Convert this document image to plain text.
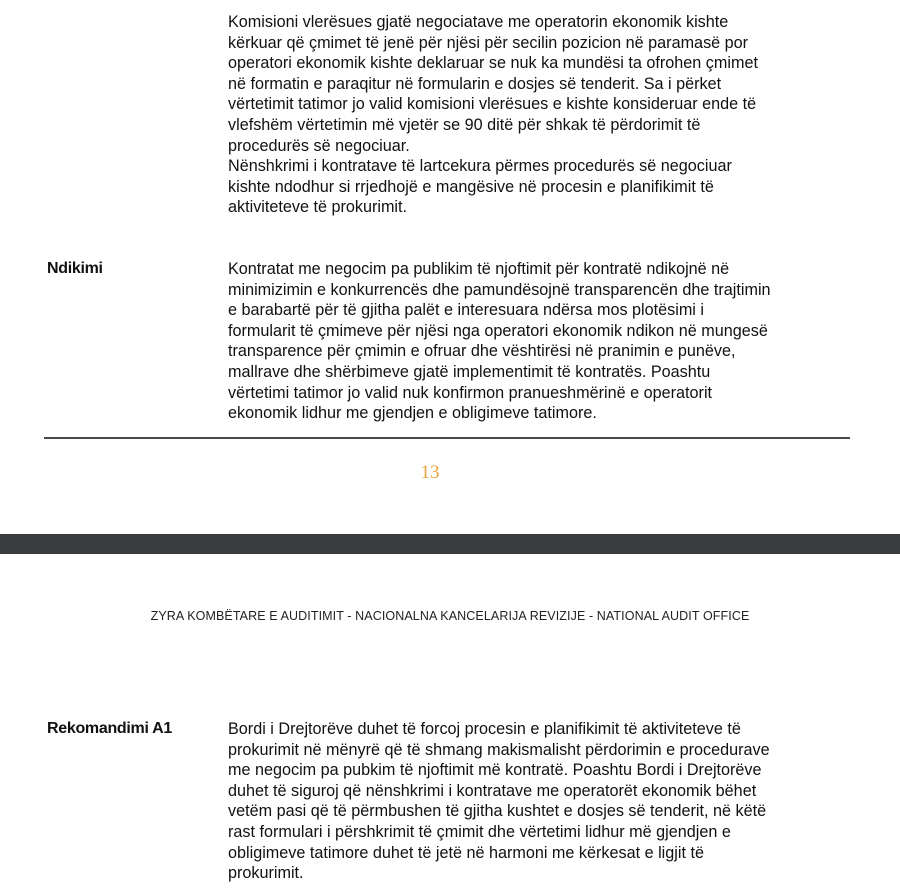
Komisioni vlerësues gjatë negociatave me operatorin ekonomik kishte
kërkuar që çmimet të jenë për njësi për secilin pozicion në paramasë por
operatori ekonomik kishte deklaruar se nuk ka mundësi ta ofrohen çmimet
në formatin e paraqitur në formularin e dosjes së tenderit. Sa i përket
vërtetimit tatimor jo valid komisioni vlerësues e kishte konsideruar ende të
vlefshëm vërtetimin më vjetër se 90 ditë për shkak të përdorimit të
procedurës së negociuar.
Nënshkrimi i kontratave të lartcekura përmes procedurës së negociuar
kishte ndodhur si rrjedhojë e mangësive në procesin e planifikimit të
aktiviteteve të prokurimit.
Ndikimi	Kontratat me negocim pa publikim të njoftimit për kontratë ndikojnë në
minimizimin e konkurrencës dhe pamundësojnë transparencën dhe trajtimin
e barabartë për të gjitha palët e interesuara ndërsa mos plotësimi i
formularit të çmimeve për njësi nga operatori ekonomik ndikon në mungesë
transparence për çmimin e ofruar dhe vështirësi në pranimin e punëve,
mallrave dhe shërbimeve gjatë implementimit të kontratës. Poashtu
vërtetimi tatimor jo valid nuk konfirmon pranueshmërinë e operatorit
ekonomik lidhur me gjendjen e obligimeve tatimore.
13
ZYRA KOMBËTARE E AUDITIMIT - NACIONALNA KANCELARIJA REVIZIJE - NATIONAL AUDIT OFFICE
Rekomandimi A1	Bordi i Drejtorëve duhet të forcoj procesin e planifikimit të aktiviteteve të
prokurimit në mënyrë që të shmang makismalisht përdorimin e procedurave
me negocim pa pubkim të njoftimit më kontratë. Poashtu Bordi i Drejtorëve
duhet të siguroj që nënshkrimi i kontratave me operatorët ekonomik bëhet
vetëm pasi që të përmbushen të gjitha kushtet e dosjes së tenderit, në këtë
rast formulari i përshkrimit të çmimit dhe vërtetimi lidhur më gjendjen e
obligimeve tatimore duhet të jetë në harmoni me kërkesat e ligjit të
prokurimit.
